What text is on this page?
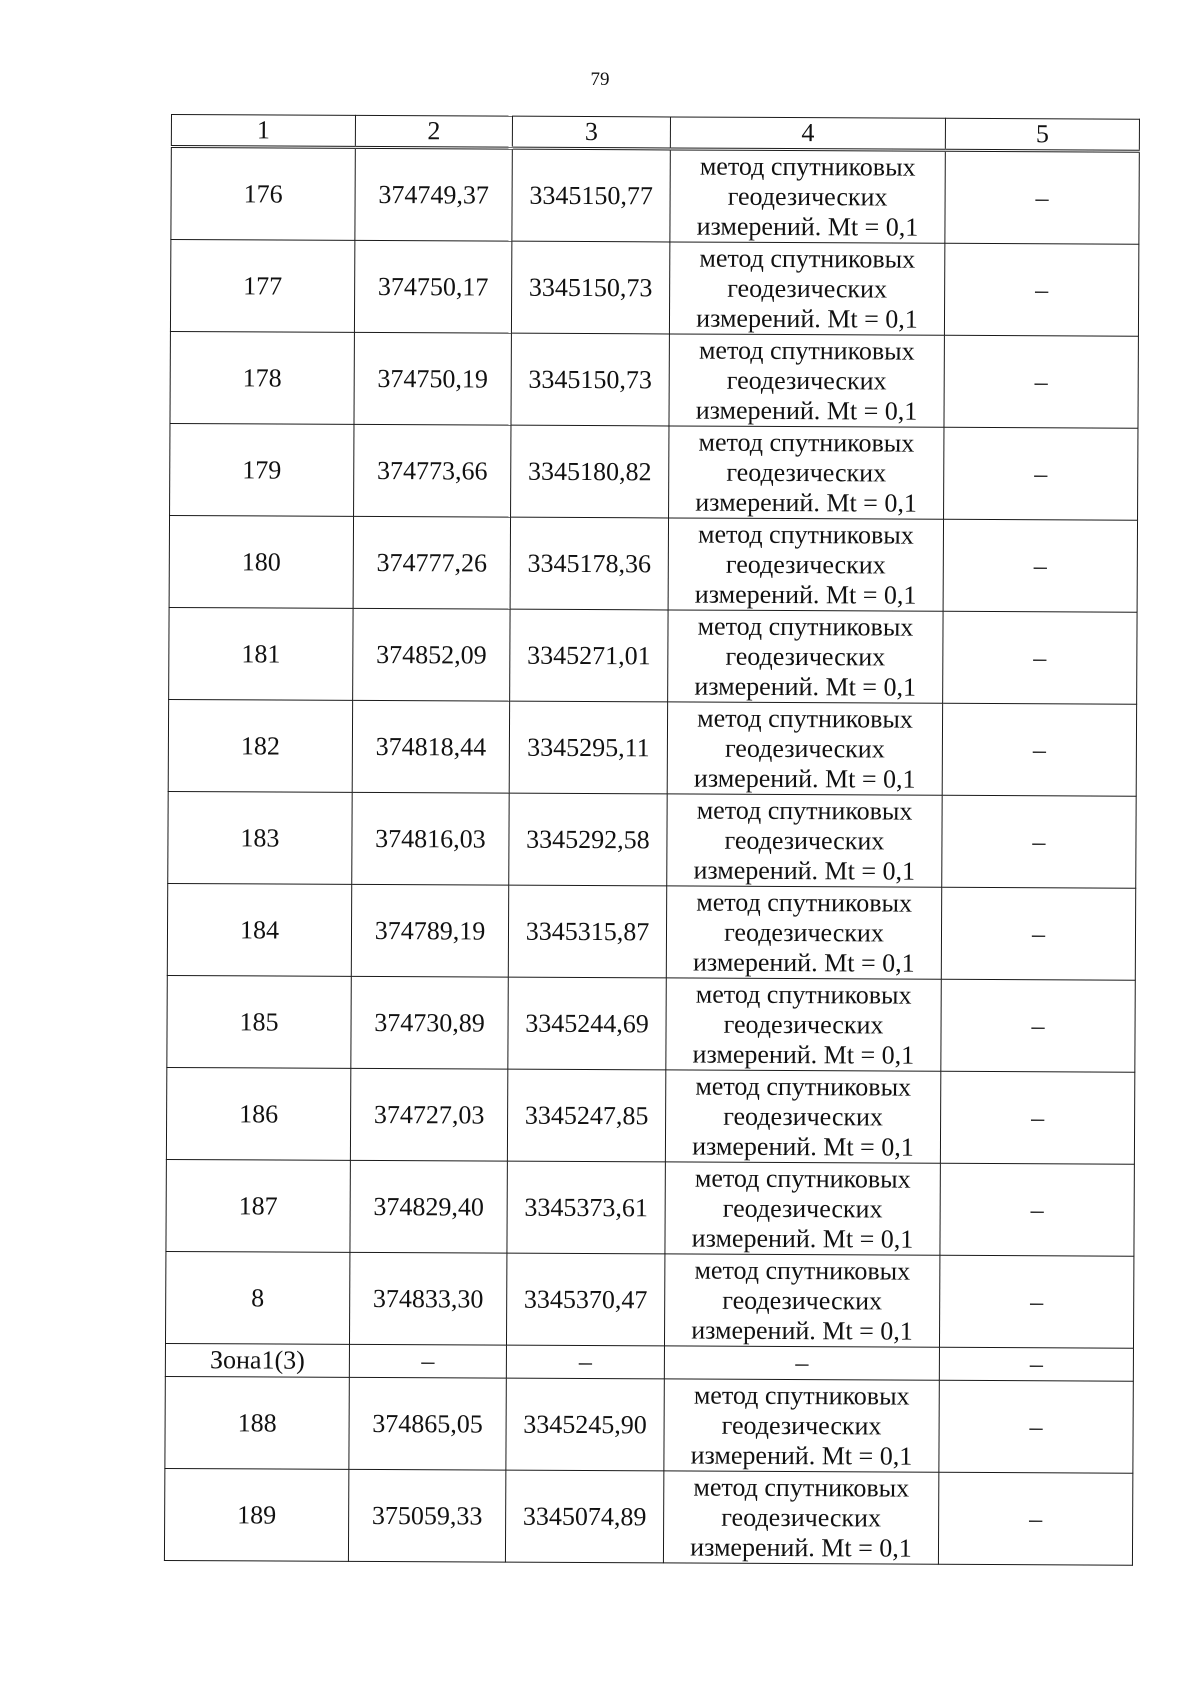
79
1	2	3	4	5
176	374749,37	3345150,77	метод спутниковых
геодезических
измерений. Mt = 0,1	–
177	374750,17	3345150,73	метод спутниковых
геодезических
измерений. Mt = 0,1	–
178	374750,19	3345150,73	метод спутниковых
геодезических
измерений. Mt = 0,1	–
179	374773,66	3345180,82	метод спутниковых
геодезических
измерений. Mt = 0,1	–
180	374777,26	3345178,36	метод спутниковых
геодезических
измерений. Mt = 0,1	–
181	374852,09	3345271,01	метод спутниковых
геодезических
измерений. Mt = 0,1	–
182	374818,44	3345295,11	метод спутниковых
геодезических
измерений. Mt = 0,1	–
183	374816,03	3345292,58	метод спутниковых
геодезических
измерений. Mt = 0,1	–
184	374789,19	3345315,87	метод спутниковых
геодезических
измерений. Mt = 0,1	–
185	374730,89	3345244,69	метод спутниковых
геодезических
измерений. Mt = 0,1	–
186	374727,03	3345247,85	метод спутниковых
геодезических
измерений. Mt = 0,1	–
187	374829,40	3345373,61	метод спутниковых
геодезических
измерений. Mt = 0,1	–
8	374833,30	3345370,47	метод спутниковых
геодезических
измерений. Mt = 0,1	–
Зона1(3)	–	–	–	–
188	374865,05	3345245,90	метод спутниковых
геодезических
измерений. Mt = 0,1	–
189	375059,33	3345074,89	метод спутниковых
геодезических
измерений. Mt = 0,1	–
